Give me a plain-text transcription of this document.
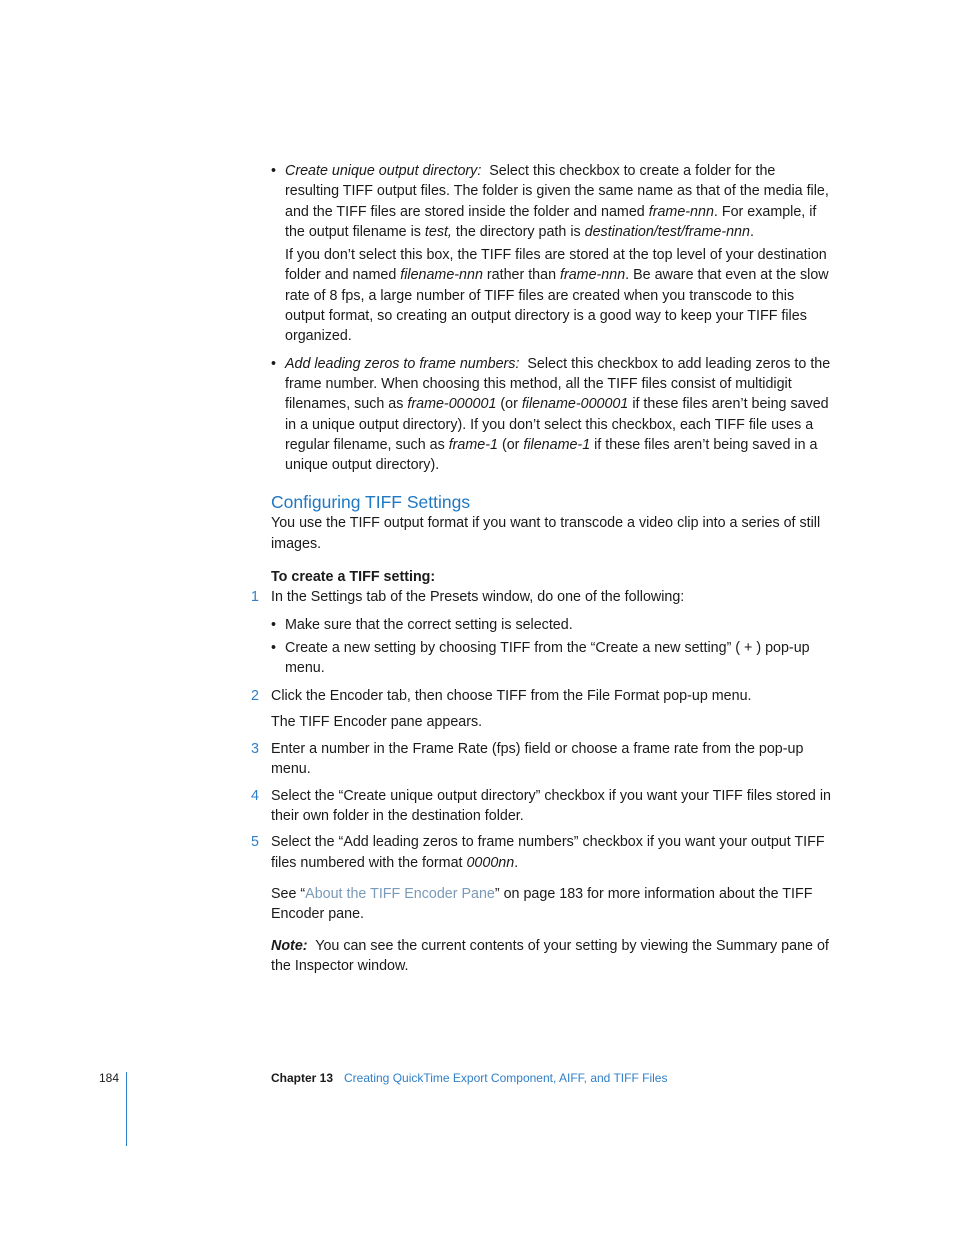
• Create unique output directory: Select this checkbox to create a folder for the resulting TIFF output files. The folder is given the same name as that of the media file, and the TIFF files are stored inside the folder and named frame-nnn. For example, if the output filename is test, the directory path is destination/test/frame-nnn.

If you don’t select this box, the TIFF files are stored at the top level of your destination folder and named filename-nnn rather than frame-nnn. Be aware that even at the slow rate of 8 fps, a large number of TIFF files are created when you transcode to this output format, so creating an output directory is a good way to keep your TIFF files organized.

• Add leading zeros to frame numbers: Select this checkbox to add leading zeros to the frame number. When choosing this method, all the TIFF files consist of multidigit filenames, such as frame-000001 (or filename-000001 if these files aren’t being saved in a unique output directory). If you don’t select this checkbox, each TIFF file uses a regular filename, such as frame-1 (or filename-1 if these files aren’t being saved in a unique output directory).

Configuring TIFF Settings

You use the TIFF output format if you want to transcode a video clip into a series of still images.

To create a TIFF setting:

1 In the Settings tab of the Presets window, do one of the following:

• Make sure that the correct setting is selected.

• Create a new setting by choosing TIFF from the “Create a new setting” ( + ) pop-up menu.

2 Click the Encoder tab, then choose TIFF from the File Format pop-up menu.

The TIFF Encoder pane appears.

3 Enter a number in the Frame Rate (fps) field or choose a frame rate from the pop-up menu.

4 Select the “Create unique output directory” checkbox if you want your TIFF files stored in their own folder in the destination folder.

5 Select the “Add leading zeros to frame numbers” checkbox if you want your output TIFF files numbered with the format 0000nn.

See “About the TIFF Encoder Pane” on page 183 for more information about the TIFF Encoder pane.

Note: You can see the current contents of your setting by viewing the Summary pane of the Inspector window.

184	Chapter 13 Creating QuickTime Export Component, AIFF, and TIFF Files
